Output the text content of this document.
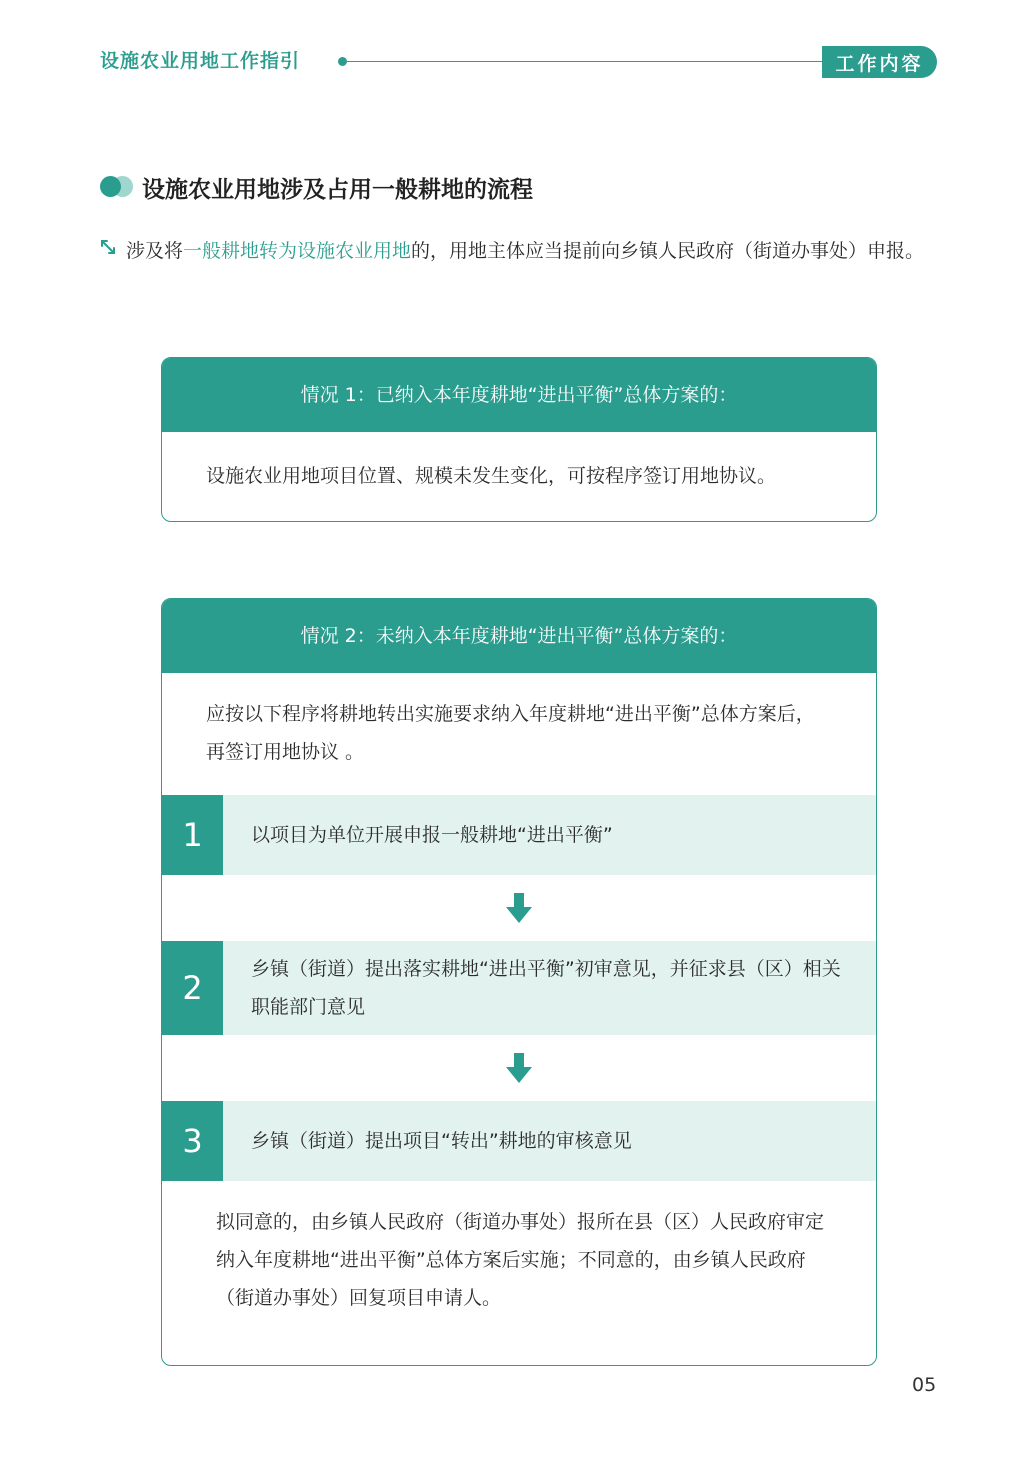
设施农业用地工作指引	工作内容
设施农业用地涉及占用一般耕地的流程
涉及将一般耕地转为设施农业用地的，用地主体应当提前向乡镇人民政府（街道办事处）申报。
情况 1：已纳入本年度耕地“进出平衡”总体方案的：
设施农业用地项目位置、规模未发生变化，可按程序签订用地协议。
情况 2：未纳入本年度耕地“进出平衡”总体方案的：
应按以下程序将耕地转出实施要求纳入年度耕地“进出平衡”总体方案后，再签订用地协议 。
1	以项目为单位开展申报一般耕地“进出平衡”
2	乡镇（街道）提出落实耕地“进出平衡”初审意见，并征求县（区）相关职能部门意见
3	乡镇（街道）提出项目“转出”耕地的审核意见
拟同意的，由乡镇人民政府（街道办事处）报所在县（区）人民政府审定纳入年度耕地“进出平衡”总体方案后实施；不同意的，由乡镇人民政府（街道办事处）回复项目申请人。
05
